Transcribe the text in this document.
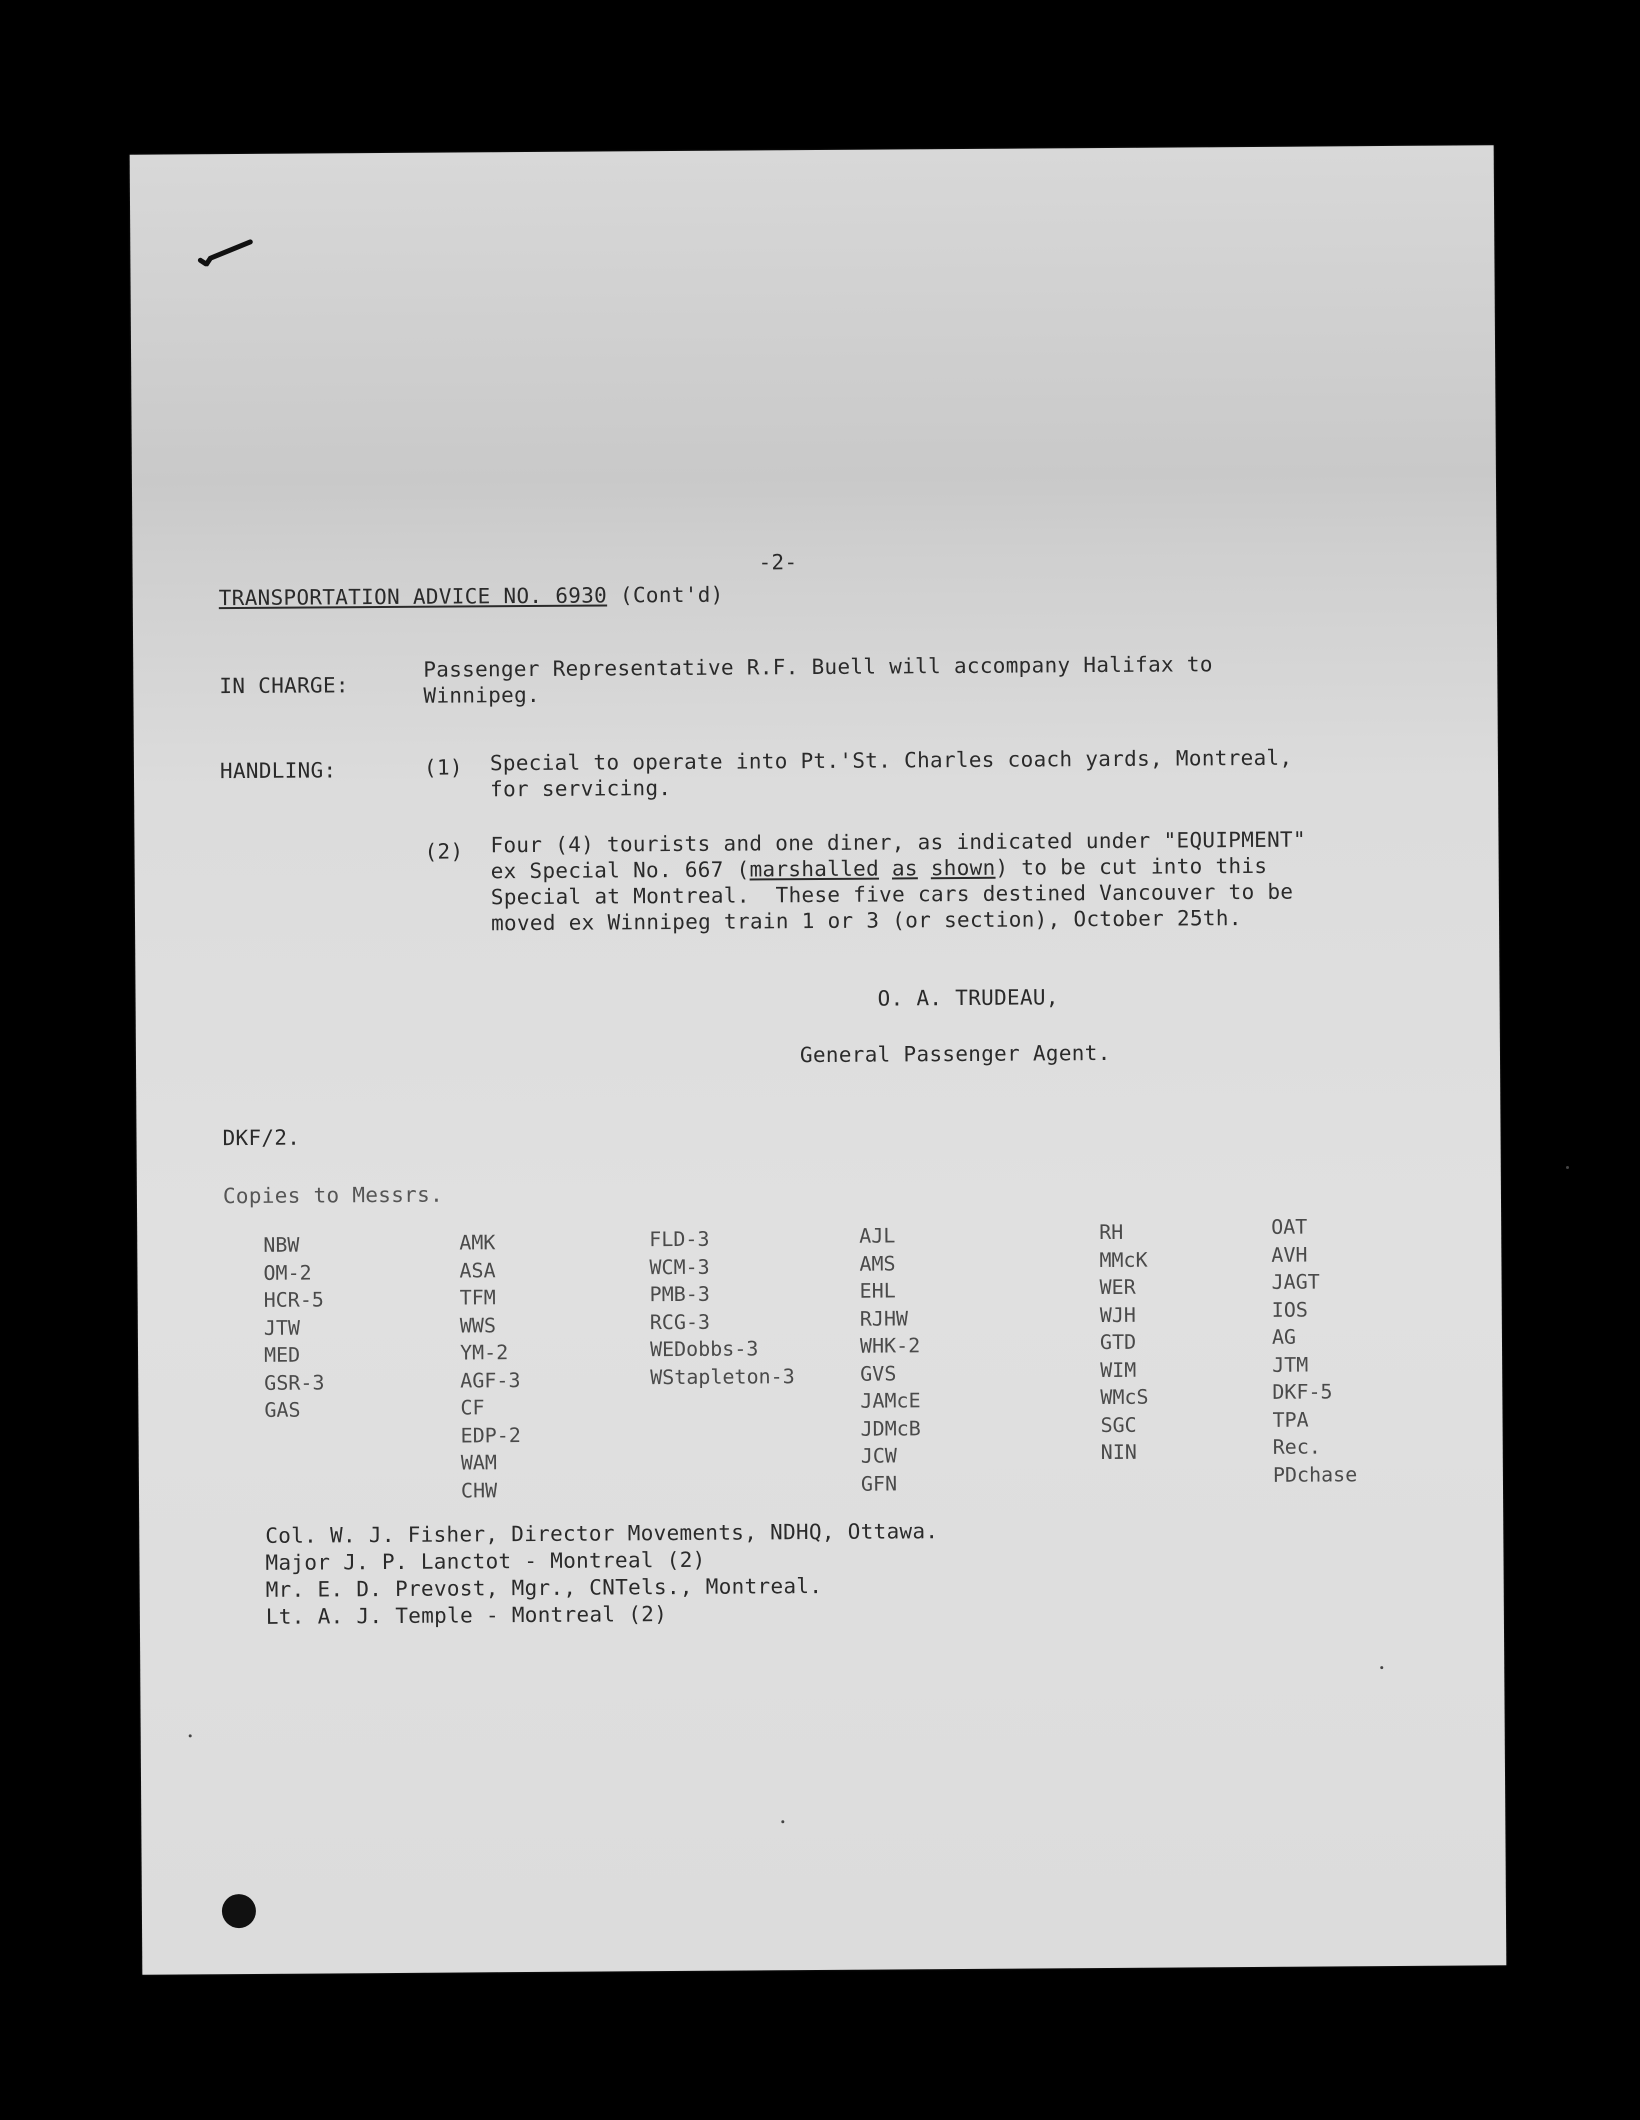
-2-
TRANSPORTATION ADVICE NO. 6930 (Cont'd)
IN CHARGE:
Passenger Representative R.F. Buell will accompany Halifax to
Winnipeg.
HANDLING:	(1) Special to operate into Pt.'St. Charles coach yards, Montreal,
for servicing.
(2) Four (4) tourists and one diner, as indicated under "EQUIPMENT"
ex Special No. 667 (marshalled as shown) to be cut into this
Special at Montreal.  These five cars destined Vancouver to be
moved ex Winnipeg train 1 or 3 (or section), October 25th.
O. A. TRUDEAU,
General Passenger Agent.
DKF/2.
Copies to Messrs.
NBW
OM-2
HCR-5
JTW
MED
GSR-3
GAS
AMK
ASA
TFM
WWS
YM-2
AGF-3
CF
EDP-2
WAM
CHW
FLD-3
WCM-3
PMB-3
RCG-3
WEDobbs-3
WStapleton-3
AJL
AMS
EHL
RJHW
WHK-2
GVS
JAMcE
JDMcB
JCW
GFN
RH
MMcK
WER
WJH
GTD
WIM
WMcS
SGC
NIN
OAT
AVH
JAGT
IOS
AG
JTM
DKF-5
TPA
Rec.
PDchase
Col. W. J. Fisher, Director Movements, NDHQ, Ottawa.
Major J. P. Lanctot - Montreal (2)
Mr. E. D. Prevost, Mgr., CNTels., Montreal.
Lt. A. J. Temple - Montreal (2)
